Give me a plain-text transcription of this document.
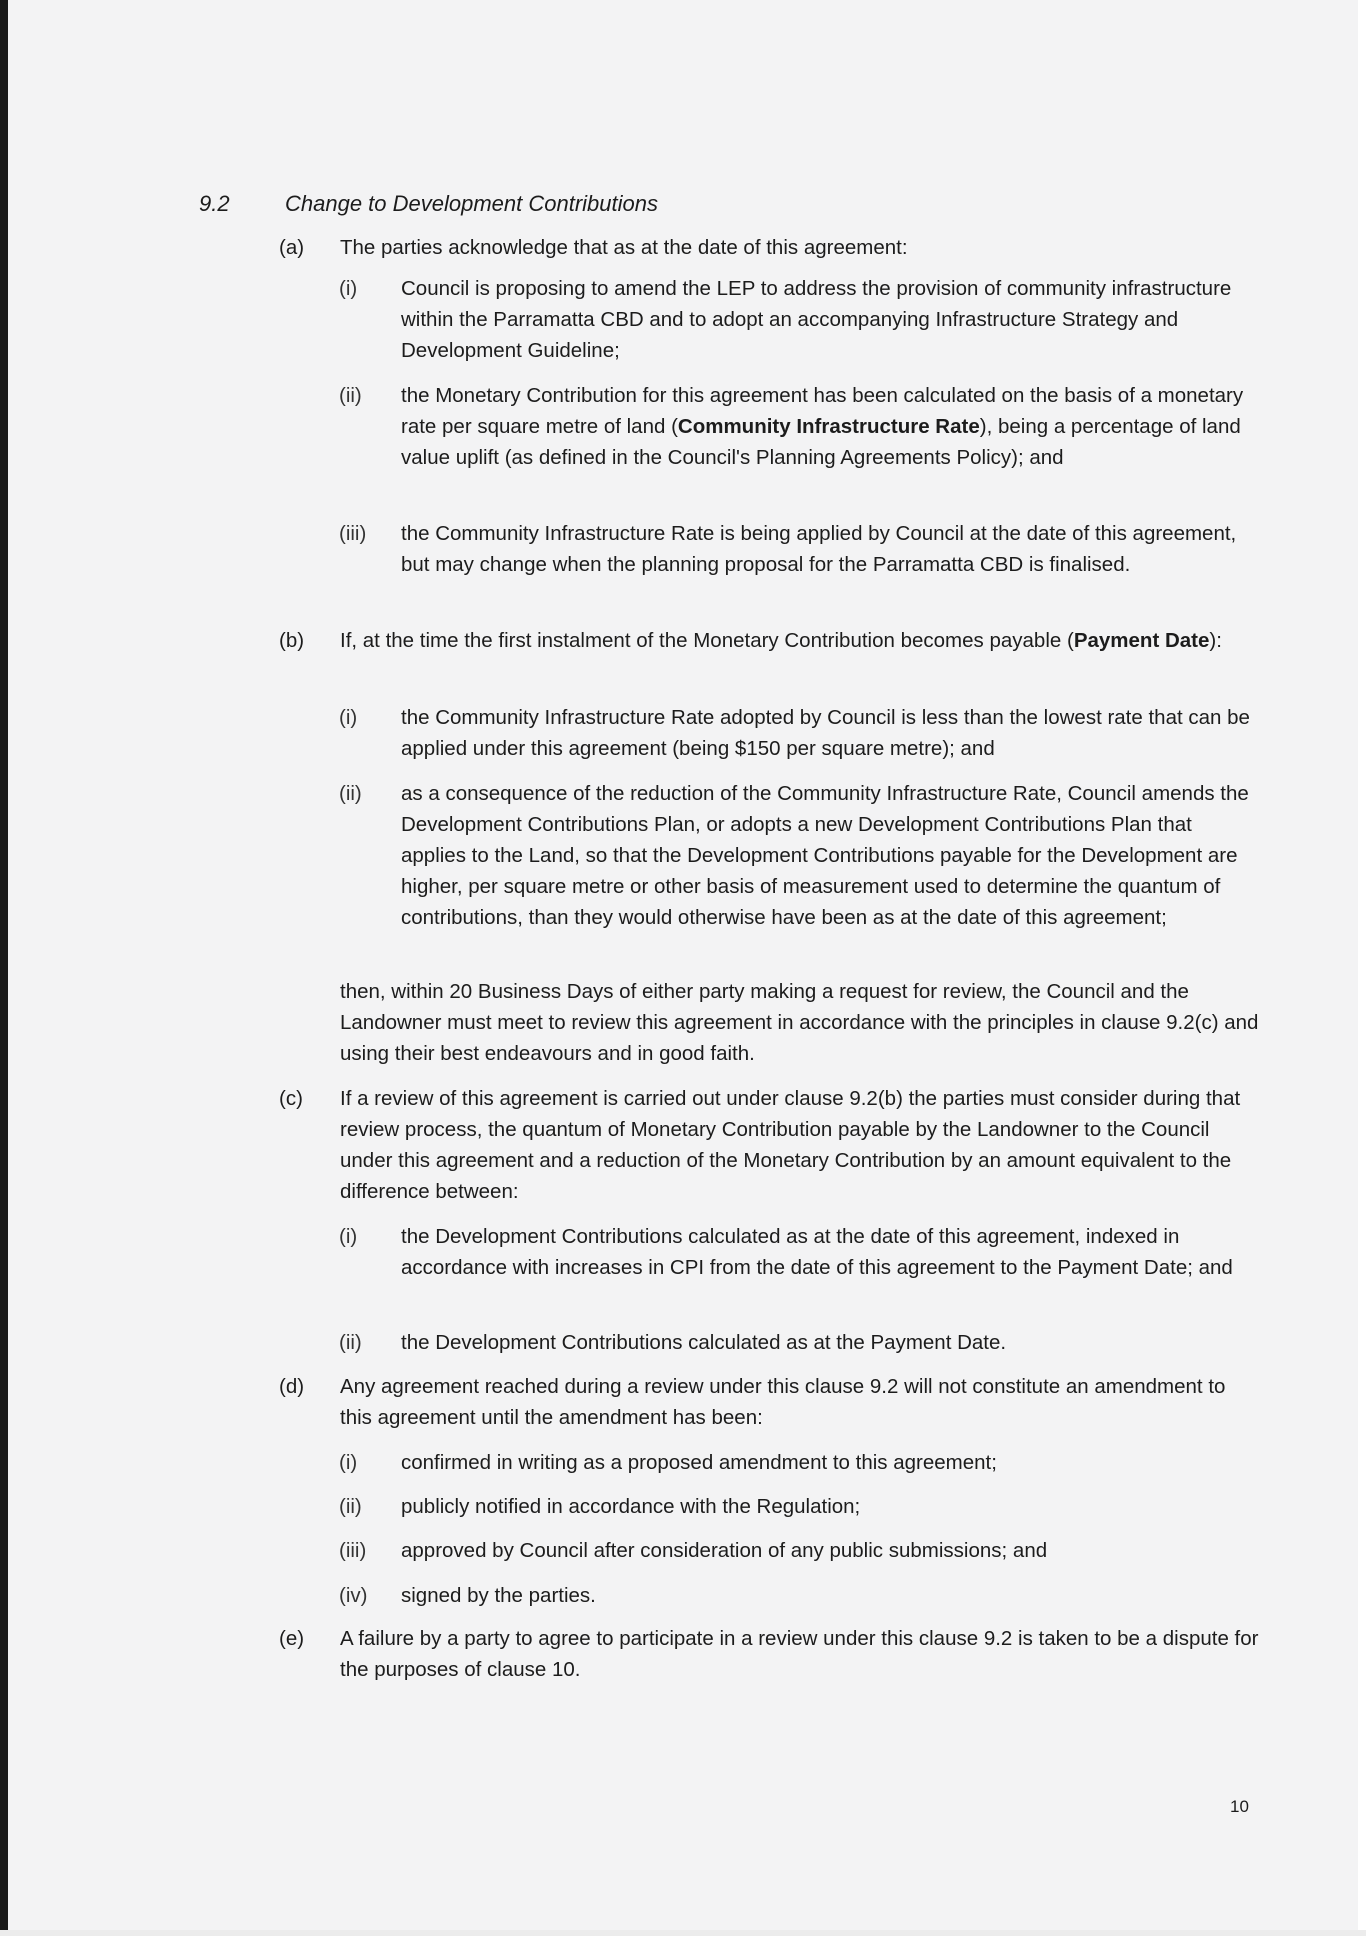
9.2	Change to Development Contributions
(a) The parties acknowledge that as at the date of this agreement:
(i) Council is proposing to amend the LEP to address the provision of community infrastructure within the Parramatta CBD and to adopt an accompanying Infrastructure Strategy and Development Guideline;
(ii) the Monetary Contribution for this agreement has been calculated on the basis of a monetary rate per square metre of land (Community Infrastructure Rate), being a percentage of land value uplift (as defined in the Council's Planning Agreements Policy); and
(iii) the Community Infrastructure Rate is being applied by Council at the date of this agreement, but may change when the planning proposal for the Parramatta CBD is finalised.
(b) If, at the time the first instalment of the Monetary Contribution becomes payable (Payment Date):
(i) the Community Infrastructure Rate adopted by Council is less than the lowest rate that can be applied under this agreement (being $150 per square metre); and
(ii) as a consequence of the reduction of the Community Infrastructure Rate, Council amends the Development Contributions Plan, or adopts a new Development Contributions Plan that applies to the Land, so that the Development Contributions payable for the Development are higher, per square metre or other basis of measurement used to determine the quantum of contributions, than they would otherwise have been as at the date of this agreement;
then, within 20 Business Days of either party making a request for review, the Council and the Landowner must meet to review this agreement in accordance with the principles in clause 9.2(c) and using their best endeavours and in good faith.
(c) If a review of this agreement is carried out under clause 9.2(b) the parties must consider during that review process, the quantum of Monetary Contribution payable by the Landowner to the Council under this agreement and a reduction of the Monetary Contribution by an amount equivalent to the difference between:
(i) the Development Contributions calculated as at the date of this agreement, indexed in accordance with increases in CPI from the date of this agreement to the Payment Date; and
(ii) the Development Contributions calculated as at the Payment Date.
(d) Any agreement reached during a review under this clause 9.2 will not constitute an amendment to this agreement until the amendment has been:
(i) confirmed in writing as a proposed amendment to this agreement;
(ii) publicly notified in accordance with the Regulation;
(iii) approved by Council after consideration of any public submissions; and
(iv) signed by the parties.
(e) A failure by a party to agree to participate in a review under this clause 9.2 is taken to be a dispute for the purposes of clause 10.
10
